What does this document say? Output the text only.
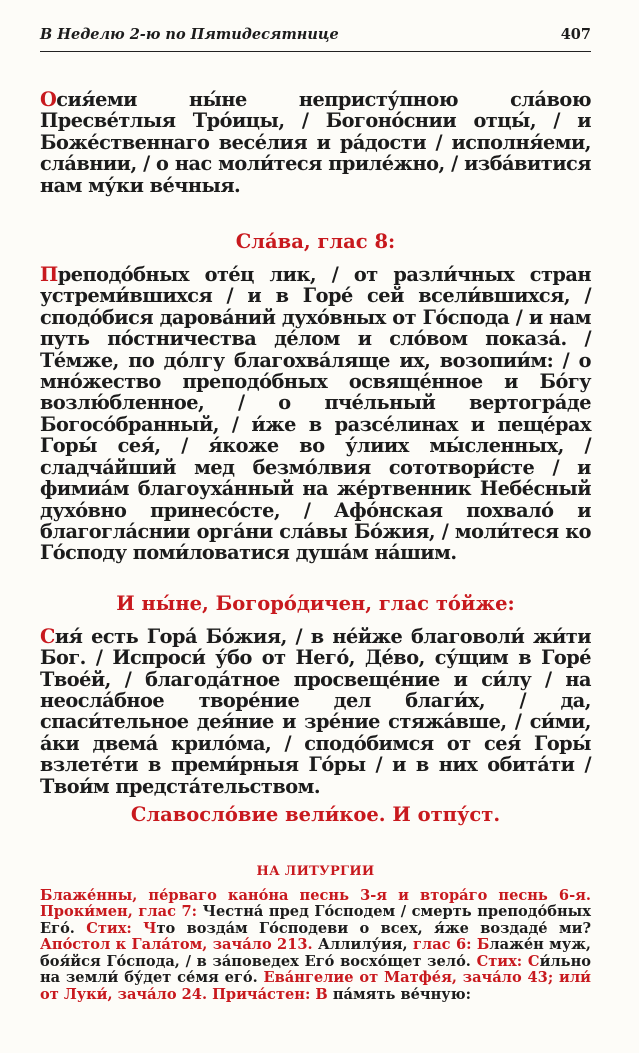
В Неделю 2-ю по Пятидесятнице	407

Осия́еми ны́не непристу́пною сла́вою Пресве́тлыя Тро́ицы, / Богоно́снии отцы́, / и Боже́ственнаго весе́лия и ра́дости / исполня́еми, сла́внии, / о нас моли́теся приле́жно, / изба́витися нам му́ки ве́чныя.

Сла́ва, глас 8:

Преподо́бных оте́ц лик, / от разли́чных стран устреми́вшихся / и в Горе́ сей всели́вшихся, / сподо́бися дарова́ний духо́вных от Го́спода / и нам путь по́стничества де́лом и сло́вом показа́. / Те́мже, по до́лгу благохва́ляще их, возопии́м: / о мно́жество преподо́бных освяще́нное и Бо́гу возлю́бленное, / о пче́льный вертогра́де Богосо́бранный, / и́же в разсе́линах и пеще́рах Горы́ сея́, / я́коже во у́лиих мы́сленных, / сладча́йший мед безмо́лвия сототвори́сте / и фимиа́м благоуха́нный на же́ртвенник Небе́сный духо́вно принесо́сте, / Афо́нская похвало́ и благогла́снии орга́ни сла́вы Бо́жия, / моли́теся ко Го́споду поми́ловатися душа́м на́шим.

И ны́не, Богоро́дичен, глас то́йже:

Сия́ есть Гора́ Бо́жия, / в не́йже благоволи́ жи́ти Бог. / Испроси́ у́бо от Него́, Де́во, су́щим в Горе́ Твое́й, / благода́тное просвеще́ние и си́лу / на неосла́бное творе́ние дел благи́х, / да, спаси́тельное дея́ние и зре́ние стяжа́вше, / си́ми, а́ки двема́ крило́ма, / сподо́бимся от сея́ Горы́ взлете́ти в преми́рныя Го́ры / и в них обита́ти / Твои́м предста́тельством.

Славосло́вие вели́кое. И отпу́ст.
НА ЛИТУРГИИ

Блаже́нны, пе́рваго кано́на песнь 3-я и втора́го песнь 6-я. Проки́мен, глас 7: Честна́ пред Го́сподем / смерть преподо́бных Его́. Стих: Что возда́м Го́сподеви о всех, я́же воздаде́ ми? Апо́стол к Гала́том, зача́ло 213. Аллилу́ия, глас 6: Блаже́н муж, боя́йся Го́спода, / в за́поведех Его́ восхо́щет зело́. Стих: Си́льно на земли́ бу́дет се́мя его́. Ева́нгелие от Матфе́я, зача́ло 43; или́ от Луки́, зача́ло 24. Прича́стен: В па́мять ве́чную:
